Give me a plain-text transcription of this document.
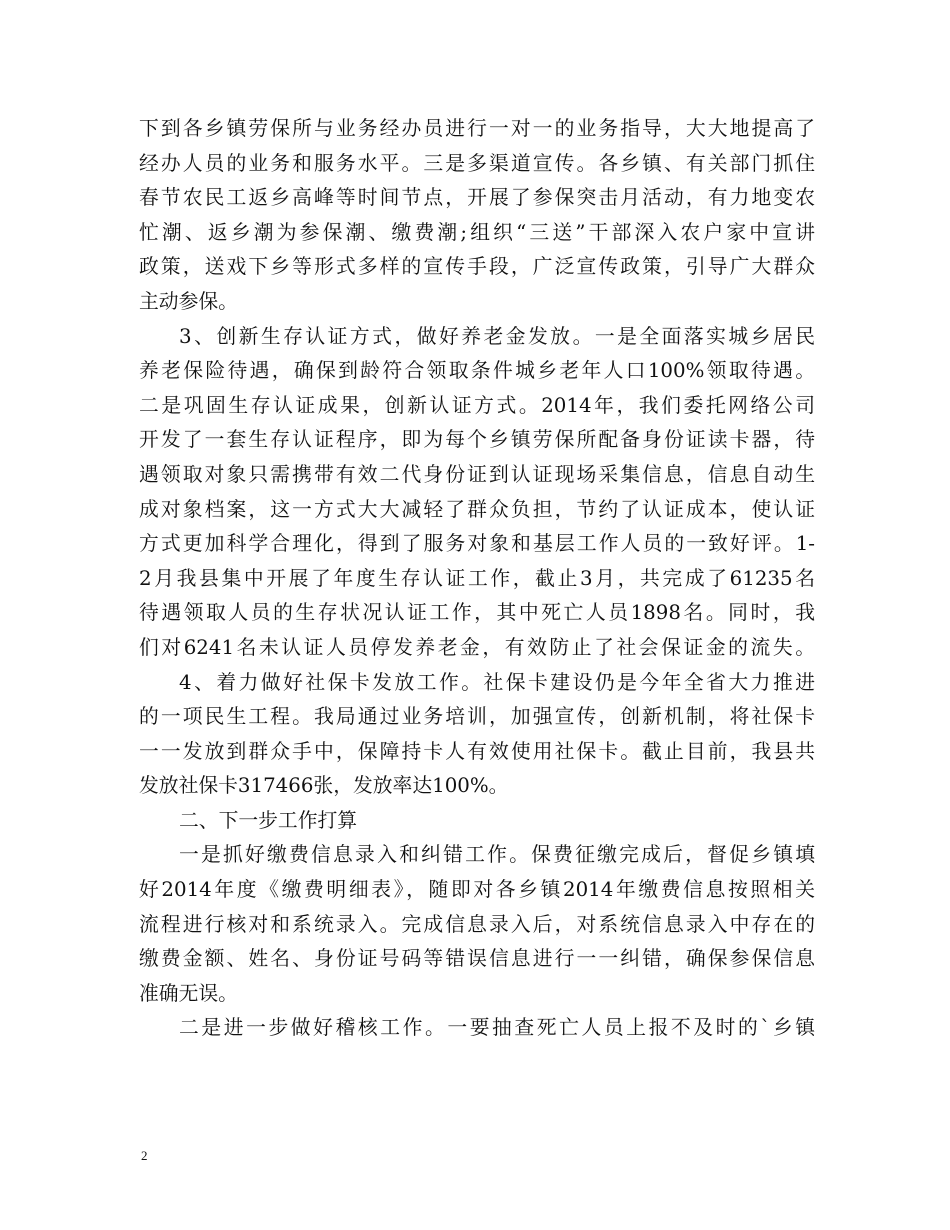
下到各乡镇劳保所与业务经办员进行一对一的业务指导，大大地提高了
经办人员的业务和服务水平。三是多渠道宣传。各乡镇、有关部门抓住
春节农民工返乡高峰等时间节点，开展了参保突击月活动，有力地变农
忙潮、返乡潮为参保潮、缴费潮;组织“三送”干部深入农户家中宣讲
政策，送戏下乡等形式多样的宣传手段，广泛宣传政策，引导广大群众
主动参保。
3、创新生存认证方式，做好养老金发放。一是全面落实城乡居民
养老保险待遇，确保到龄符合领取条件城乡老年人口100%领取待遇。
二是巩固生存认证成果，创新认证方式。2014年，我们委托网络公司
开发了一套生存认证程序，即为每个乡镇劳保所配备身份证读卡器，待
遇领取对象只需携带有效二代身份证到认证现场采集信息，信息自动生
成对象档案，这一方式大大减轻了群众负担，节约了认证成本，使认证
方式更加科学合理化，得到了服务对象和基层工作人员的一致好评。1-
2月我县集中开展了年度生存认证工作，截止3月，共完成了61235名
待遇领取人员的生存状况认证工作，其中死亡人员1898名。同时，我
们对6241名未认证人员停发养老金，有效防止了社会保证金的流失。
4、着力做好社保卡发放工作。社保卡建设仍是今年全省大力推进
的一项民生工程。我局通过业务培训，加强宣传，创新机制，将社保卡
一一发放到群众手中，保障持卡人有效使用社保卡。截止目前，我县共
发放社保卡317466张，发放率达100%。
二、下一步工作打算
一是抓好缴费信息录入和纠错工作。保费征缴完成后，督促乡镇填
好2014年度《缴费明细表》，随即对各乡镇2014年缴费信息按照相关
流程进行核对和系统录入。完成信息录入后，对系统信息录入中存在的
缴费金额、姓名、身份证号码等错误信息进行一一纠错，确保参保信息
准确无误。
二是进一步做好稽核工作。一要抽查死亡人员上报不及时的`乡镇
2
